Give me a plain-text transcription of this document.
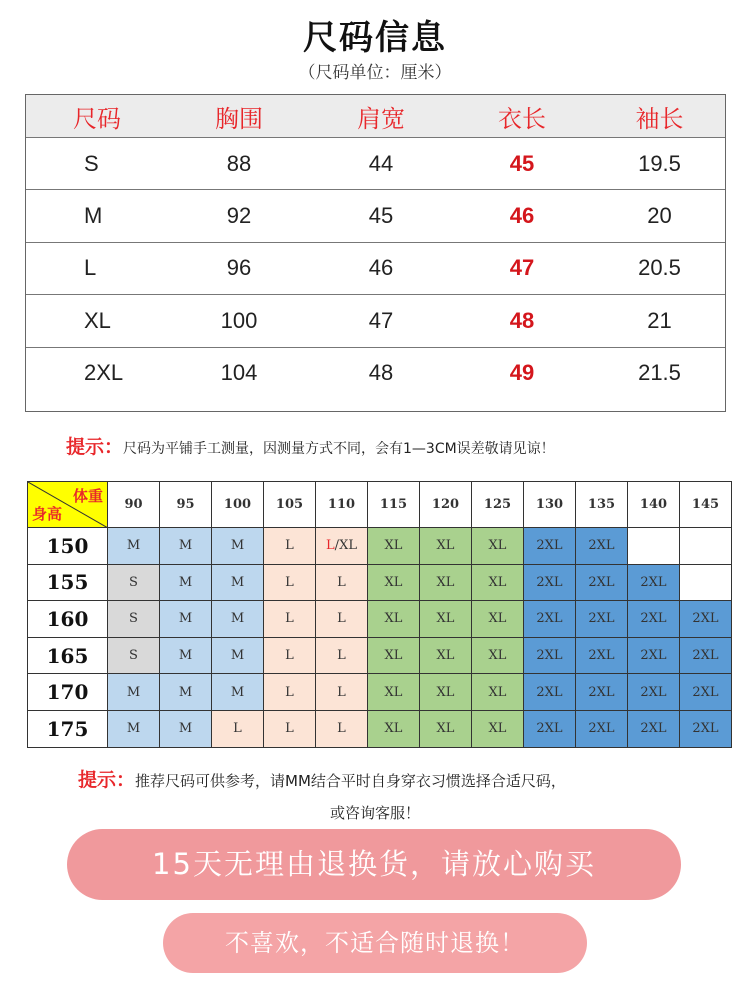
尺码信息
（尺码单位：厘米）
尺码	胸围	肩宽	衣长	袖长
S	88	44	45	19.5
M	92	45	46	20
L	96	46	47	20.5
XL	100	47	48	21
2XL	104	48	49	21.5
提示：尺码为平铺手工测量，因测量方式不同，会有1—3CM误差敬请见谅！
体重
身高	90	95	100	105	110	115	120	125	130	135	140	145
150	M	M	M	L	L/XL	XL	XL	XL	2XL	2XL		
155	S	M	M	L	L	XL	XL	XL	2XL	2XL	2XL	
160	S	M	M	L	L	XL	XL	XL	2XL	2XL	2XL	2XL
165	S	M	M	L	L	XL	XL	XL	2XL	2XL	2XL	2XL
170	M	M	M	L	L	XL	XL	XL	2XL	2XL	2XL	2XL
175	M	M	L	L	L	XL	XL	XL	2XL	2XL	2XL	2XL
提示：推荐尺码可供参考，请MM结合平时自身穿衣习惯选择合适尺码，
或咨询客服！
15天无理由退换货，请放心购买
不喜欢，不适合随时退换！
